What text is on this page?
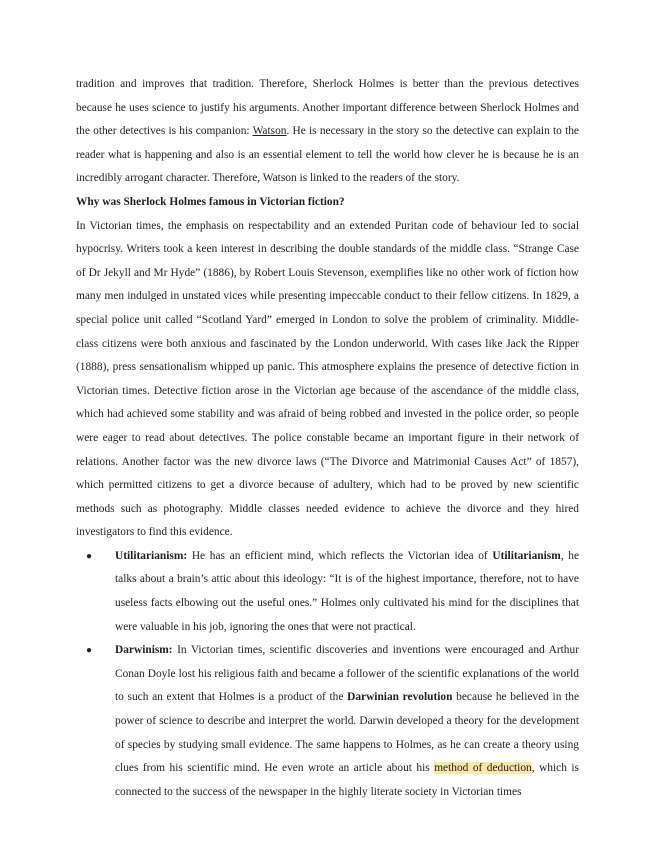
tradition and improves that tradition. Therefore, Sherlock Holmes is better than the previous detectives because he uses science to justify his arguments. Another important difference between Sherlock Holmes and the other detectives is his companion: Watson. He is necessary in the story so the detective can explain to the reader what is happening and also is an essential element to tell the world how clever he is because he is an incredibly arrogant character. Therefore, Watson is linked to the readers of the story.

Why was Sherlock Holmes famous in Victorian fiction?

In Victorian times, the emphasis on respectability and an extended Puritan code of behaviour led to social hypocrisy. Writers took a keen interest in describing the double standards of the middle class. “Strange Case of Dr Jekyll and Mr Hyde” (1886), by Robert Louis Stevenson, exemplifies like no other work of fiction how many men indulged in unstated vices while presenting impeccable conduct to their fellow citizens. In 1829, a special police unit called “Scotland Yard” emerged in London to solve the problem of criminality. Middle-class citizens were both anxious and fascinated by the London underworld. With cases like Jack the Ripper (1888), press sensationalism whipped up panic. This atmosphere explains the presence of detective fiction in Victorian times. Detective fiction arose in the Victorian age because of the ascendance of the middle class, which had achieved some stability and was afraid of being robbed and invested in the police order, so people were eager to read about detectives. The police constable became an important figure in their network of relations. Another factor was the new divorce laws (“The Divorce and Matrimonial Causes Act” of 1857), which permitted citizens to get a divorce because of adultery, which had to be proved by new scientific methods such as photography. Middle classes needed evidence to achieve the divorce and they hired investigators to find this evidence.

● Utilitarianism: He has an efficient mind, which reflects the Victorian idea of Utilitarianism, he talks about a brain’s attic about this ideology: “It is of the highest importance, therefore, not to have useless facts elbowing out the useful ones.” Holmes only cultivated his mind for the disciplines that were valuable in his job, ignoring the ones that were not practical.
● Darwinism: In Victorian times, scientific discoveries and inventions were encouraged and Arthur Conan Doyle lost his religious faith and became a follower of the scientific explanations of the world to such an extent that Holmes is a product of the Darwinian revolution because he believed in the power of science to describe and interpret the world. Darwin developed a theory for the development of species by studying small evidence. The same happens to Holmes, as he can create a theory using clues from his scientific mind. He even wrote an article about his method of deduction, which is connected to the success of the newspaper in the highly literate society in Victorian times
